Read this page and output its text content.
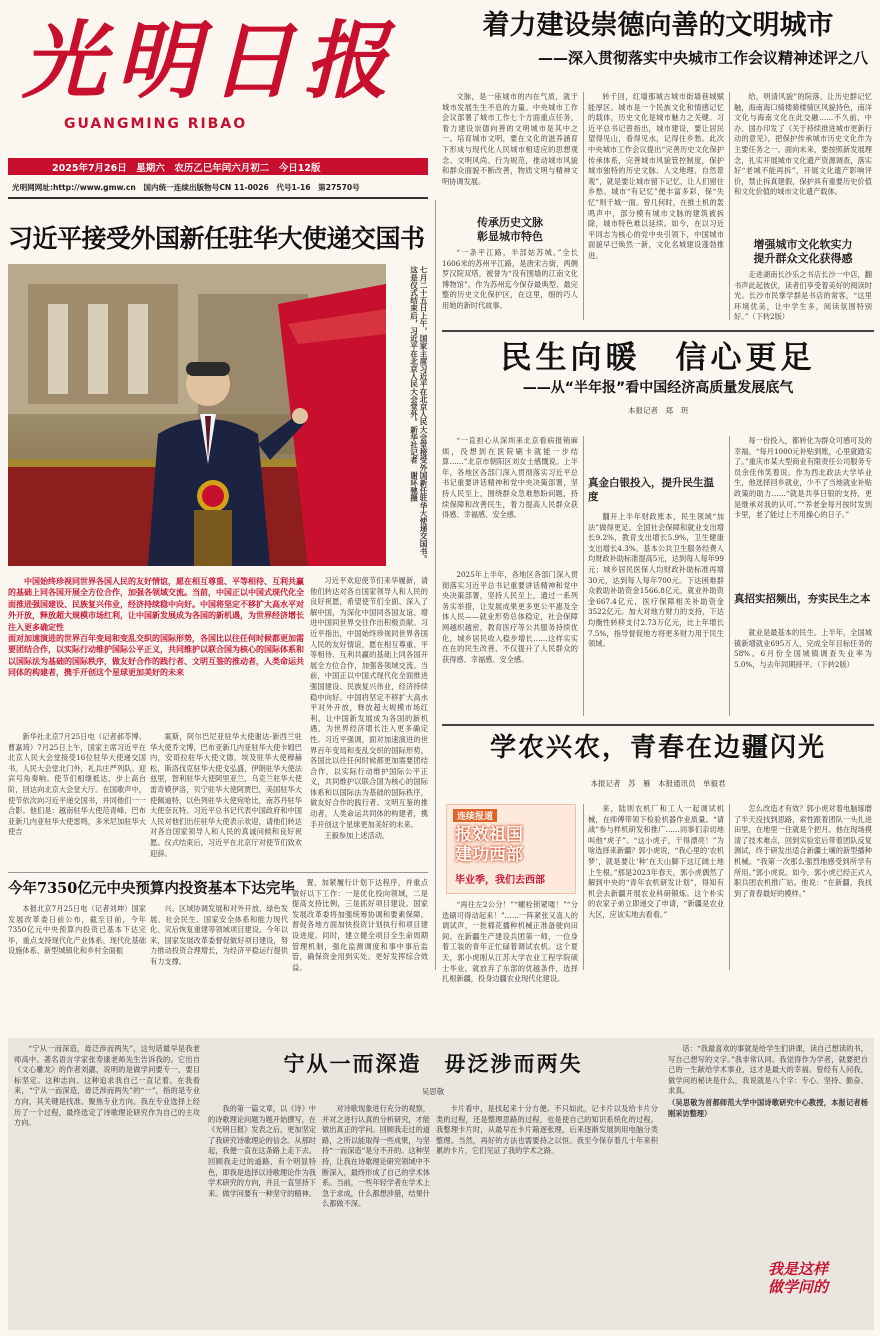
光明日报
GUANGMING RIBAO
2025年7月26日　星期六　农历乙巳年闰六月初二　今日12版
光明网网址:http://www.gmw.cn　国内统一连续出版物号CN 11-0026　代号1-16　第27570号
着力建设崇德向善的文明城市
——深入贯彻落实中央城市工作会议精神述评之八

文脉，是一座城市的内在气质，就于城市发展生生不息的力量。中央城市工作会议部署了城市工作七个方面重点任务，着力建设崇德向善的文明城市是其中之一。培育城市文明，要在文化的滋养涵育下形成与现代化人民城市相适应的思想观念、文明风尚、行为规范，推动城市风貌和群众面貌不断改善，物质文明与精神文明协调发展。

传承历史文脉
彰显城市特色

“一条平江路，半部姑苏城。”全长1606米的苏州平江路，是唐宋古街，两侧罗汉院双塔，被誉为“没有围墙的江南文化博物馆”。作为苏州迄今保存最典型、最完整的历史文化保护区，在这里，细的巧人用她的新时代故事。

转千回，红墙那城古城市街墙巷城赋能厚区。城市是一个民族文化和情感记忆的载体，历史文化是城市魅力之关键。习近平总书记曾指出，城市建设，要让居民望得见山，看得见水，记得住乡愁。此次中央城市工作会议提出“完善历史文化保护传承体系，完善城市风貌管控制度，保护城市独特的历史文脉、人文地理、自然景观”，就是要让城市留下记忆，让人们留住乡愁。城市“有记忆”便丰富多彩，保“失忆”则千城一面。曾几何时，在推土机的轰鸣声中，部分模有城市文脉的建筑被拆除，城市特色难以延续。如今，在以习近平同志为核心的党中央引领下，中国城市面貌早已焕然一新，文化名城建设蓬勃推进。

给，明清风貌”的院落，让历史群记忆触，海南海口骑楼骑楼骑区风貌持色，南洋文化与海南文化在此交融……不久前，中办、国办印发了《关于持续推进城市更新行动的意见》，把保护传承城市历史文化作为主要任务之一。面向未来，要按照新发展理念，扎实开展城市文化遗产资源调查，落实好“老城不能再拆”，开展文化遗产影响评价，禁止拆真建假，保护具有重要历史价值和文化价值的城市文化遗产载体。

增强城市文化软实力
提升群众文化获得感

走进湖南长沙乐之书店长沙一中店，翻书声此起彼伏，读者们享受着美好的阅读时光。长沙市民掌学群是书店的常客，“这里环境优美，让中学生多，阅读氛围特别好。”（下转2版）

习近平接受外国新任驻华大使递交国书
七月二十五日上午，国家主席习近平在北京人民大会堂接受外国新任驻华大使递交国书。这是仪式结束后，习近平在北京人民大会堂外。新华社记者　谢环驰摄
中国始终珍视同世界各国人民的友好情谊，愿在相互尊重、平等相待、互利共赢的基础上同各国开展全方位合作，加强各领域交流。当前，中国正以中国式现代化全面推进强国建设、民族复兴伟业，经济持续稳中向好。中国将坚定不移扩大高水平对外开放，释放超大规模市场红利，让中国新发展成为各国的新机遇，为世界经济增长注入更多确定性
面对加速演进的世界百年变局和变乱交织的国际形势，各国比以往任何时候都更加需要团结合作，以实际行动维护国际公平正义，共同维护以联合国为核心的国际体系和以国际法为基础的国际秩序，做友好合作的践行者、文明互鉴的推动者，人类命运共同体的构建者，携手开创这个星球更加美好的未来

新华社北京7月25日电（记者郝苓博、曹嘉琦）7月25日上午，国家主席习近平在北京人民大会堂接受16位驻华大使递交国书。人民大会堂北门外，礼兵庄严列队。迎宾号角奏响。使节们相继抵达，步上高台阶，回达向北京大会堂大厅。在国歌声中，使节依次向习近平递交国书，并同他们一一合影。他们是：越南驻华大使范青峰、巴布亚新几内亚驻华大使雷鸣，多米尼加驻华大使吉

案斯，阿尔巴尼亚驻华大使谢达·新西兰驻华大使乔文博，巴布亚新几内亚驻华大使卡姆巴内，安哥拉驻华大使文德，埃及驻华大使穆赫松，斯洛伐克驻华大使戈弘盛，伊朗驻华大使法兹里，智利驻华大使阿里亚兰，乌克兰驻华大使雷奇嫫伊洛，贝宁驻华大使阿贾巴，美国驻华大使佩迪特，以色列驻华大使宛哈比，南苏丹驻华大使奈瓦特。习近平总书记代表中国政府和中国人民对他们出任驻华大使表示欢迎，请他们转达对各自国家领导人和人民的真诚问候和良好祝愿。仪式结束后，习近平在北京厅对使节们致欢迎辞。

习近平欢迎使节们来华履新，请他们转达对各自国家领导人和人民的良好祝愿，希望使节们全面、深入了解中国，为深化中国同各国友谊、增进中国同世界交往作出积极贡献。习近平指出，中国始终珍视同世界各国人民的友好情谊，愿在相互尊重、平等相待、互利共赢的基础上同各国开展全方位合作，加强各领域交流。当前，中国正以中国式现代化全面推进强国建设、民族复兴伟业，经济持续稳中向好。中国将坚定不移扩大高水平对外开放，释放超大规模市场红利，让中国新发展成为各国的新机遇，为世界经济增长注入更多确定性。习近平强调，面对加速演进的世界百年变局和变乱交织的国际形势，各国比以往任何时候都更加需要团结合作，以实际行动维护国际公平正义，共同维护以联合国为核心的国际体系和以国际法为基础的国际秩序，做友好合作的践行者、文明互鉴的推动者，人类命运共同体的构建者，携手开创这个星球更加美好的未来。

王毅参加上述活动。

今年7350亿元中央预算内投资基本下达完毕

本报北京7月25日电（记者刘坤）国家发展改革委日前公布，截至目前，今年7350亿元中央预算内投资已基本下达完毕，重点支持现代化产业体系、现代化基础设施体系、新型城镇化和乡村全面振

兴、区域协调发展和对外开放、绿色发展、社会民生、国家安全体系和能力现代化、灾后恢复重建等领域项目建设。今年以来，国家发展改革委督促做好项目建设，努力推动投资合理增长，为经济平稳运行提供有力支撑。

置，加紧履行计划下达程序，并重点做好以下工作：一是优化投向领域，二是提高支持比例，三是抓好项目建设。国家发展改革委将加强统筹协调和要素保障，督促各地方面加快投资计划执行和项目建设进度。同时，建立健全项目全生命周期管理机制，强化监测调度和事中事后监管，确保资金用到实处、更好发挥综合效益。

民生向暖　信心更足
——从“半年报”看中国经济高质量发展底气
本报记者　郑　玥

“一直担心从深圳来北京看病报销麻烦，没想到在医院刷卡就能一步结算……”北京市朝阳区刘女士感慨说。上半年，各地区各部门深入贯彻落实习近平总书记重要讲话精神和党中央决策部署，坚持人民至上，围绕群众急难愁盼问题，持续保障和改善民生，着力提高人民群众获得感、幸福感、安全感。

2025年上半年，各地区各部门深入贯彻落实习近平总书记重要讲话精神和党中央决策部署，坚持人民至上，通过一系列务实举措，让发展成果更多更公平惠及全体人民——就业形势总体稳定，社会保障网越织越密，教育医疗等公共服务持续优化，城乡居民收入稳步增长……这样实实在在的民生改善，不仅提升了人民群众的获得感、幸福感、安全感。

真金白银投入，提升民生温度

翻开上半年财政账本，民生领域“加法”做得更足。全国社会保障和就业支出增长9.2%，教育支出增长5.9%，卫生健康支出增长4.3%。基本公共卫生服务经费人均财政补助标准提高5元，达到每人每年99元；城乡居民医保人均财政补助标准再增30元，达到每人每年700元。下达困难群众救助补助资金1566.8亿元，就业补助资金667.4亿元，医疗保障相关补助资金3522亿元。加大对地方财力的支持，下达均衡性转移支付2.73万亿元，比上年增长7.5%，指导督促地方将更多财力用于民生领域。

每一份投入，都转化为群众可感可及的幸福。“每月1000元补贴到账，心里就踏实了。”重庆市某大型商业有限责任公司服务专员余佳伟笑着说。作为西北政法大学毕业生，他选择回乡就业，少不了当地就业补贴政策的助力……“就是共享日银的支持，更是继承对我的认可。”“养老金每月按时发到卡里，老了能过上不用操心的日子。”

真招实招频出，夯实民生之本

就业是最基本的民生。上半年，全国城镇新增就业695万人，完成全年目标任务的58%。6月份全国城镇调查失业率为5.0%，与去年同期持平。（下转2版）

学农兴农，青春在边疆闪光
本报记者　苏　雁　本报通讯员　单毅君
连续报道
报效祖国
建功西部
毕业季，我们去西部

“再往左2公分！”“螺栓锁紧喽！”“分选刷可得动起来！”……一阵紧张又喜人的调试声，一批棉花播种机械正准备驶向田间。在新疆生产建设兵团第一师，一位身着工装的青年正忙碌着调试农机。这个夏天，郭小虎刚从江苏大学农业工程学院硕士毕业，就放弃了东部的优越条件，选择扎根新疆，投身边疆农业现代化建设。

来，陆则农机厂和工人一起调试机械，在师傅带领下检验机器作业质量。“请战”参与样机研发和推广……同事们亲切地叫他“虎子”。“这小虎子，干得漂亮！”为啥选择来新疆？郭小虎说，“我心里的‘农机梦’，就是要让‘种’在天山脚下这辽阔土地上生根。”那是2023年春天，郭小虎偶然了解到中央的“青年农机研发计划”，得知有机会去新疆开展农业科研锻炼。这个朴实的农家子弟立即递交了申请，“新疆是农业大区，应该实地去看看。”

怎么改造才有效？郭小虎对着电脑琢磨了半天没找到思路，索性跟着团队一头扎进田里，在地里一住就是个把月。他在现场摸清了技术难点，回到实验室后带着团队反复测试，终于研发出适合新疆土壤的新型播种机械。“我第一次那么强烈地感受到所学有所用。”郭小虎说。如今，郭小虎已经正式入职兵团农机推广站。他说：“在新疆，我找到了青春最好的模样。”

“宁从一而深造，毋泛涉而两失”，这句话最早是我老师高中、著名语言学家张寿康老师先生告诉我的。它出自《文心雕龙》的作者刘勰，说明的是做学问要专一，要目标坚定。这种志向、这种追求我自己一直记着。在我看来，“宁从一而深造，毋泛涉而两失”的“一”，指的是专业方向，其关键是找准、聚焦专业方向。我在专业选择上经历了一个过程，最终选定了诗歌理论研究作为自己的主攻方向。

宁从一而深造　毋泛涉而两失
吴思敬

我的第一篇文章，以《诗》中的诗歌理论问题为题开始撰写，在《光明日报》发表之后，更加坚定了我研究诗歌理论的信念。从那时起，我便一直在这条路上走下去。回顾我走过的道路，有个明显特色，即我是选择以诗歌理论作为我学术研究的方向，并且一直坚持下来。做学问要有一种坚守的精神。

对诗歌现象进行充分的观察，并对之进行认真的分析研究，才能做出真正的学问。回顾我走过的道路，之所以能取得一些成果，与坚持“一而深造”是分不开的。这种坚持，让我在诗歌理论研究领域中不断深入，最终形成了自己的学术体系。当前，一些年轻学者在学术上急于求成，什么都想涉猎，结果什么都做不深。

卡片看中，是找起来十分方便。不只如此，记卡片以及给卡片分类的过程，还是整理思路的过程，也是使自己的知识系统化的过程。我整理卡片时，从最早在卡片箱逐张理，后来逐渐发展到用电脑分类整理。当然，再好的方法也需要持之以恒。我至今保存着几十年来积累的卡片，它们见证了我的学术之路。

话：“我最喜欢的事就是给学生们讲课，读自己想读的书，写自己想写的文字。”我非常认同。我觉得作为学者，就要把自己的一生献给学术事业，这才是最大的幸福。曾经有人问我，做学问的秘诀是什么，我说就是八个字：专心、坚持、勤奋、求真。

（吴思敬为首都师范大学中国诗歌研究中心教授，本报记者杨刚采访整理）

我是这样
做学问的
